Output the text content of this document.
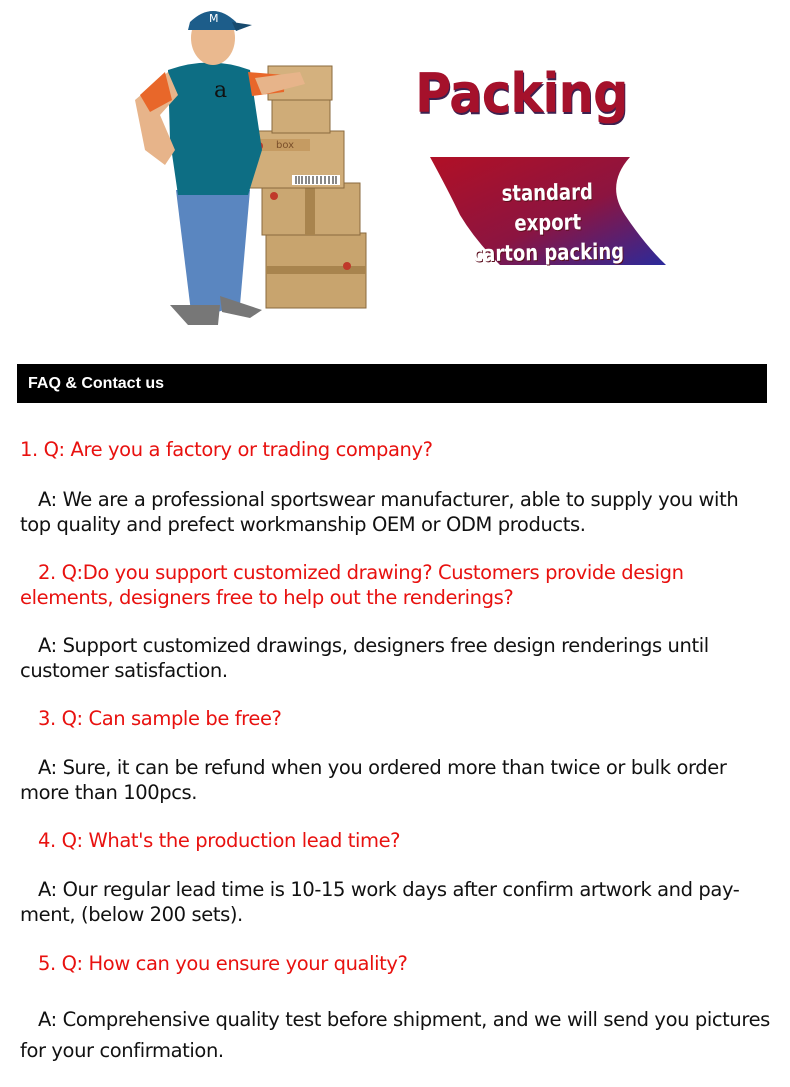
M
a
box
Packing
standard export
carton packing
FAQ & Contact us
1. Q: Are you a factory or trading company?
A: We are a professional sportswear manufacturer, able to supply you with top quality and prefect workmanship OEM or ODM products.
2. Q:Do you support customized drawing? Customers provide design elements, designers free to help out the renderings?
A: Support customized drawings, designers free design renderings until customer satisfaction.
3. Q: Can sample be free?
A: Sure, it can be refund when you ordered more than twice or bulk order more than 100pcs.
4. Q: What's the production lead time?
A: Our regular lead time is 10-15 work days after confirm artwork and pay- ment, (below 200 sets).
5. Q: How can you ensure your quality?
A: Comprehensive quality test before shipment, and we will send you pictures for your confirmation.
